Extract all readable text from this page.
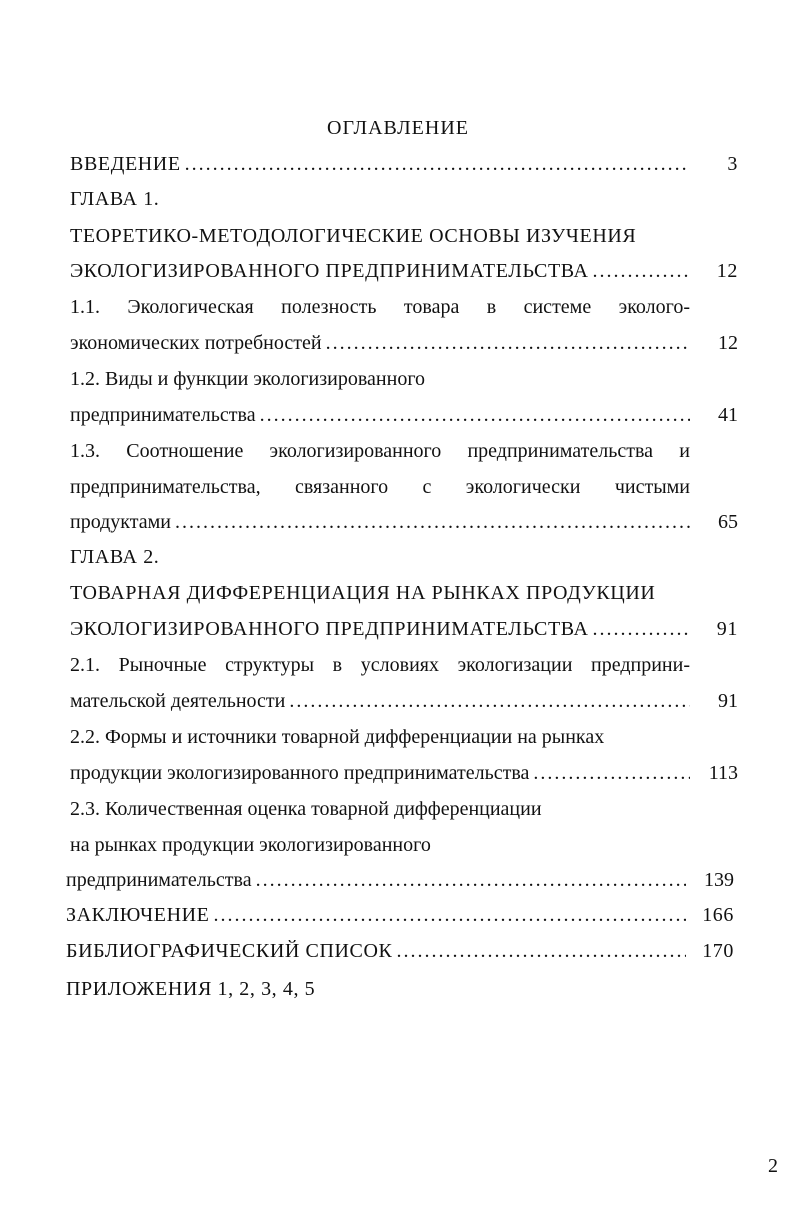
ОГЛАВЛЕНИЕ
ВВЕДЕНИЕ .....	3
ГЛАВА 1.
ТЕОРЕТИКО-МЕТОДОЛОГИЧЕСКИЕ ОСНОВЫ ИЗУЧЕНИЯ
ЭКОЛОГИЗИРОВАННОГО ПРЕДПРИНИМАТЕЛЬСТВА .....	12
1.1. Экологическая полезность товара в системе эколого-
экономических потребностей .....	12
1.2. Виды и функции экологизированного
предпринимательства .....	41
1.3. Соотношение экологизированного предпринимательства и
предпринимательства, связанного с экологически чистыми
продуктами .....	65
ГЛАВА 2.
ТОВАРНАЯ ДИФФЕРЕНЦИАЦИЯ НА РЫНКАХ ПРОДУКЦИИ
ЭКОЛОГИЗИРОВАННОГО ПРЕДПРИНИМАТЕЛЬСТВА .....	91
2.1. Рыночные структуры в условиях экологизации предприни-
мательской деятельности .....	91
2.2. Формы и источники товарной дифференциации на рынках
продукции экологизированного предпринимательства .....	113
2.3. Количественная оценка товарной дифференциации
на рынках продукции экологизированного
предпринимательства .....	139
ЗАКЛЮЧЕНИЕ .....	166
БИБЛИОГРАФИЧЕСКИЙ СПИСОК .....	170
ПРИЛОЖЕНИЯ 1, 2, 3, 4, 5
2
